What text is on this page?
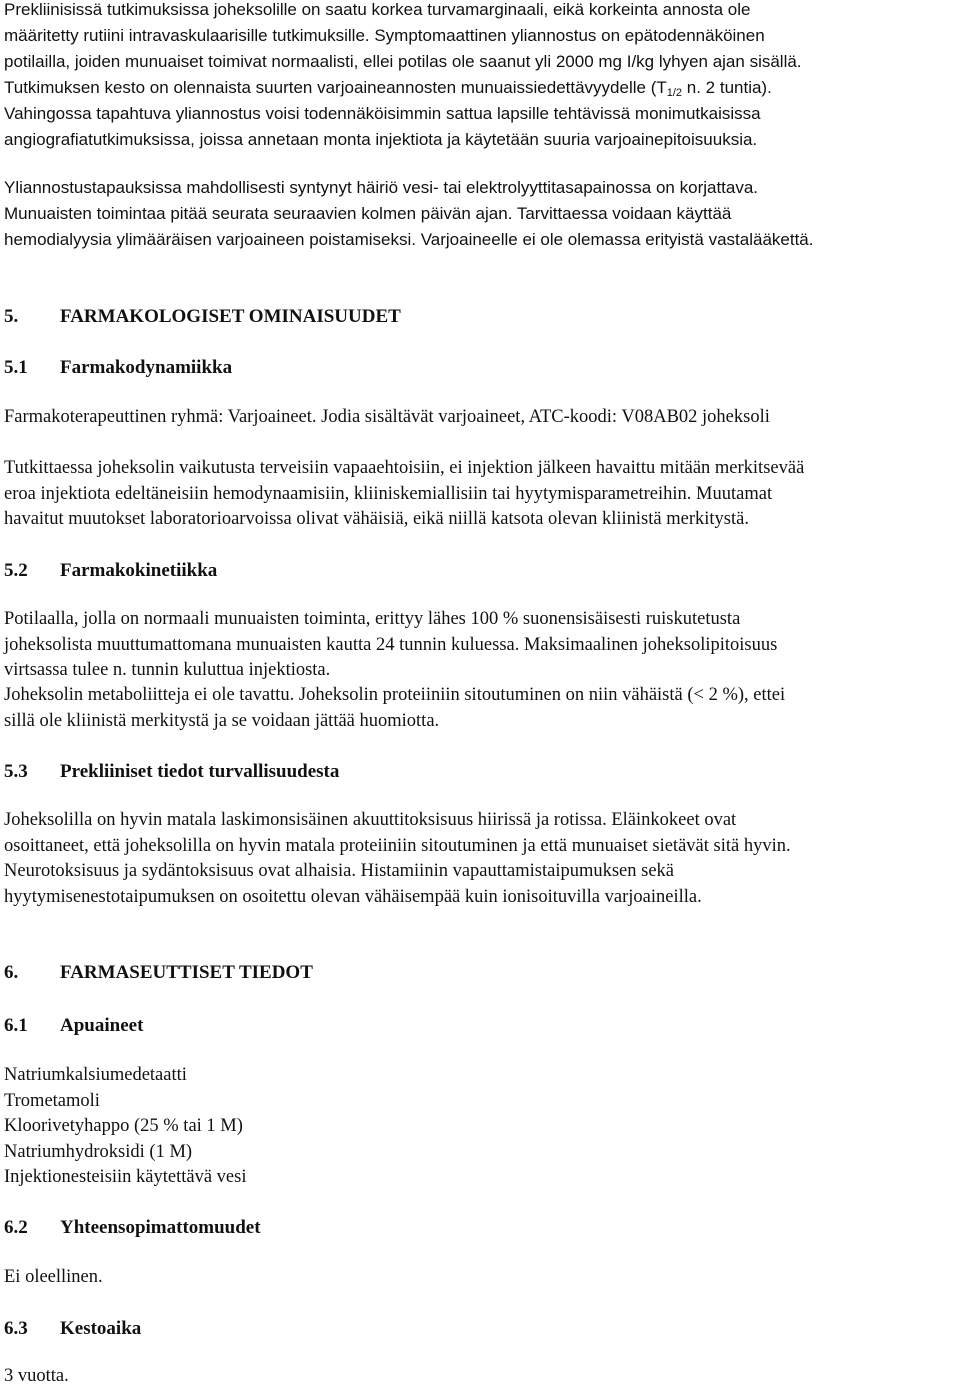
Prekliinisissä tutkimuksissa joheksolille on saatu korkea turvamarginaali, eikä korkeinta annosta ole
määritetty rutiini intravaskulaarisille tutkimuksille. Symptomaattinen yliannostus on epätodennäköinen
potilailla, joiden munuaiset toimivat normaalisti, ellei potilas ole saanut yli 2000 mg I/kg lyhyen ajan sisällä.
Tutkimuksen kesto on olennaista suurten varjoaineannosten munuaissiedettävyydelle ($T_{1/2}$ n. 2 tuntia).
Vahingossa tapahtuva yliannostus voisi todennäköisimmin sattua lapsille tehtävissä monimutkaisissa
angiografiatutkimuksissa, joissa annetaan monta injektiota ja käytetään suuria varjoainepitoisuuksia.
Yliannostustapauksissa mahdollisesti syntynyt häiriö vesi- tai elektrolyyttitasapainossa on korjattava.
Munuaisten toimintaa pitää seurata seuraavien kolmen päivän ajan. Tarvittaessa voidaan käyttää
hemodialyysia ylimääräisen varjoaineen poistamiseksi. Varjoaineelle ei ole olemassa erityistä vastalääkettä.
5. FARMAKOLOGISET OMINAISUUDET
5.1 Farmakodynamiikka
Farmakoterapeuttinen ryhmä: Varjoaineet. Jodia sisältävät varjoaineet, ATC-koodi: V08AB02 joheksoli
Tutkittaessa joheksolin vaikutusta terveisiin vapaaehtoisiin, ei injektion jälkeen havaittu mitään merkitsevää
eroa injektiota edeltäneisiin hemodynaamisiin, kliiniskemiallisiin tai hyytymisparametreihin. Muutamat
havaitut muutokset laboratorioarvoissa olivat vähäisiä, eikä niillä katsota olevan kliinistä merkitystä.
5.2 Farmakokinetiikka
Potilaalla, jolla on normaali munuaisten toiminta, erittyy lähes 100 % suonensisäisesti ruiskutetusta
joheksolista muuttumattomana munuaisten kautta 24 tunnin kuluessa. Maksimaalinen joheksolipitoisuus
virtsassa tulee n. tunnin kuluttua injektiosta.
Joheksolin metaboliitteja ei ole tavattu. Joheksolin proteiiniin sitoutuminen on niin vähäistä (< 2 %), ettei
sillä ole kliinistä merkitystä ja se voidaan jättää huomiotta.
5.3 Prekliiniset tiedot turvallisuudesta
Joheksolilla on hyvin matala laskimonsisäinen akuuttitoksisuus hiirissä ja rotissa. Eläinkokeet ovat
osoittaneet, että joheksolilla on hyvin matala proteiiniin sitoutuminen ja että munuaiset sietävät sitä hyvin.
Neurotoksisuus ja sydäntoksisuus ovat alhaisia. Histamiinin vapauttamistaipumuksen sekä
hyytymisenestotaipumuksen on osoitettu olevan vähäisempää kuin ionisoituvilla varjoaineilla.
6. FARMASEUTTISET TIEDOT
6.1 Apuaineet
Natriumkalsiumedetaatti
Trometamoli
Kloorivetyhappo (25 % tai 1 M)
Natriumhydroksidi (1 M)
Injektionesteisiin käytettävä vesi
6.2 Yhteensopimattomuudet
Ei oleellinen.
6.3 Kestoaika
3 vuotta.
